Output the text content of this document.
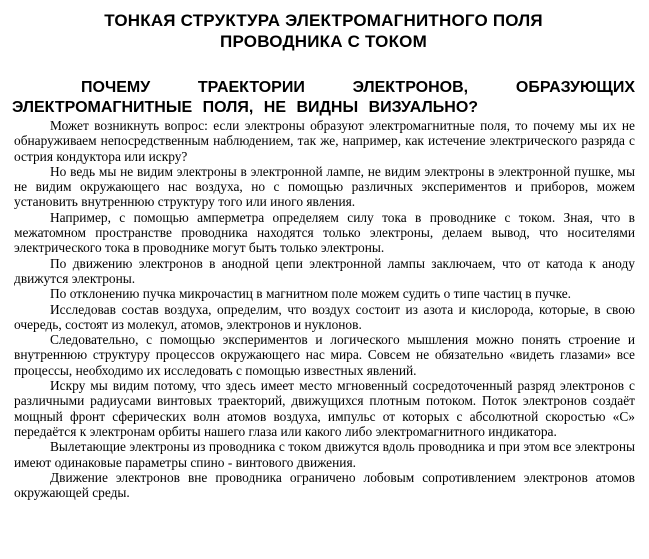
ТОНКАЯ СТРУКТУРА ЭЛЕКТРОМАГНИТНОГО ПОЛЯ
ПРОВОДНИКА С ТОКОМ
ПОЧЕМУ	ТРАЕКТОРИИ	ЭЛЕКТРОНОВ,	ОБРАЗУЮЩИХ
ЭЛЕКТРОМАГНИТНЫЕ ПОЛЯ, НЕ ВИДНЫ ВИЗУАЛЬНО?

Может возникнуть вопрос: если электроны образуют электромагнитные поля, то почему мы их не обнаруживаем непосредственным наблюдением, так же, например, как истечение электрического разряда с острия кондуктора или искру?

Но ведь мы не видим электроны в электронной лампе, не видим электроны в электронной пушке, мы не видим окружающего нас воздуха, но с помощью различных экспериментов и приборов, можем установить внутреннюю структуру того или иного явления.

Например, с помощью амперметра определяем силу тока в проводнике с током. Зная, что в межатомном пространстве проводника находятся только электроны, делаем вывод, что носителями электрического тока в проводнике могут быть только электроны.

По движению электронов в анодной цепи электронной лампы заключаем, что от катода к аноду движутся электроны.

По отклонению пучка микрочастиц в магнитном поле можем судить о типе частиц в пучке.

Исследовав состав воздуха, определим, что воздух состоит из азота и кислорода, которые, в свою очередь, состоят из молекул, атомов, электронов и нуклонов.

Следовательно, с помощью экспериментов и логического мышления можно понять строение и внутреннюю структуру процессов окружающего нас мира. Совсем не обязательно «видеть глазами» все процессы, необходимо их исследовать с помощью известных явлений.

Искру мы видим потому, что здесь имеет место мгновенный сосредоточенный разряд электронов с различными радиусами винтовых траекторий, движущихся плотным потоком. Поток электронов создаёт мощный фронт сферических волн атомов воздуха, импульс от которых с абсолютной скоростью «С» передаётся к электронам орбиты нашего глаза или какого либо электромагнитного индикатора.

Вылетающие электроны из проводника с током движутся вдоль проводника и при этом все электроны имеют одинаковые параметры спино - винтового движения.

Движение электронов вне проводника ограничено лобовым сопротивлением электронов атомов окружающей среды.
